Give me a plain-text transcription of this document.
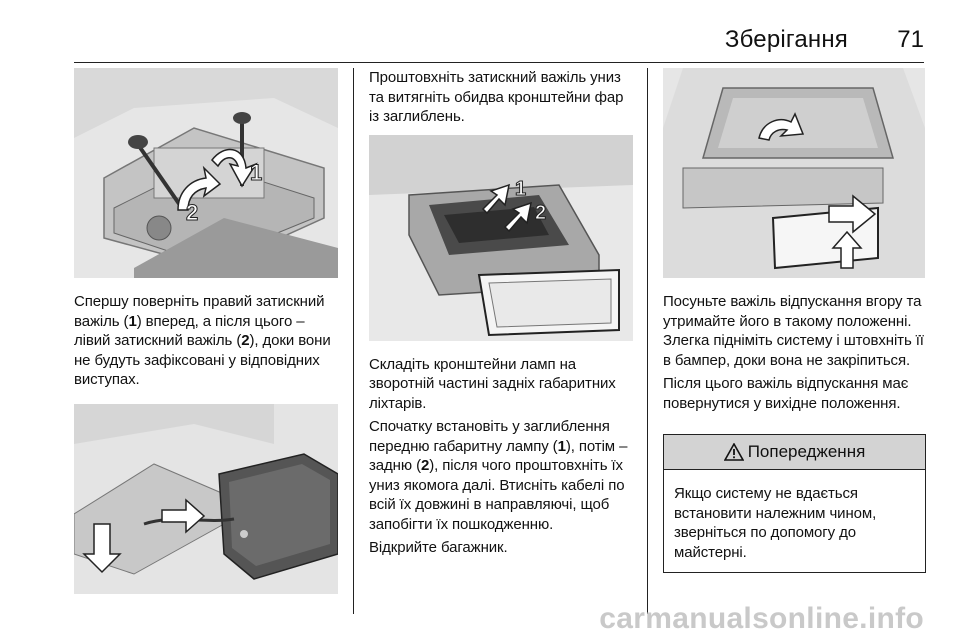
Зберігання 71
1
2

Спершу поверніть правий затискний важіль (1) вперед, а після цього – лівий затискний важіль (2), доки вони не будуть зафіксовані у відповідних виступах.

Проштовхніть затискний важіль униз та витягніть обидва кронштейни фар із заглиблень.

1
2

Складіть кронштейни ламп на зворотній частині задніх габаритних ліхтарів.

Спочатку встановіть у заглиблення передню габаритну лампу (1), потім – задню (2), після чого проштовхніть їх униз якомога далі. Втисніть кабелі по всій їх довжині в направляючі, щоб запобігти їх пошкодженню.

Відкрийте багажник.

Посуньте важіль відпускання вгору та утримайте його в такому положенні. Злегка підніміть систему і штовхніть її в бампер, доки вона не закріпиться.

Після цього важіль відпускання має повернутися у вихідне положення.

Попередження

Якщо систему не вдається встановити належним чином, зверніться по допомогу до майстерні.

carmanualsonline.info
